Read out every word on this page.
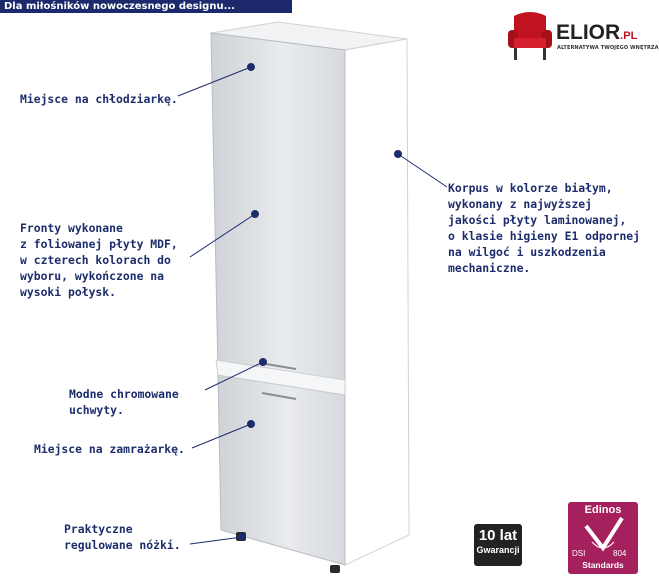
Dla miłośników nowoczesnego designu...
ELIOR.PL
ALTERNATYWA TWOJEGO WNĘTRZA
Miejsce na chłodziarkę.
Fronty wykonane
z foliowanej płyty MDF,
w czterech kolorach do
wyboru, wykończone na
wysoki połysk.
Modne chromowane
uchwyty.
Miejsce na zamrażarkę.
Praktyczne
regulowane nóżki.
Korpus w kolorze białym,
wykonany z najwyższej
jakości płyty laminowanej,
o klasie higieny E1 odpornej
na wilgoć i uszkodzenia
mechaniczne.
10 lat
Gwarancji
Edinos
DSI	804
Standards
